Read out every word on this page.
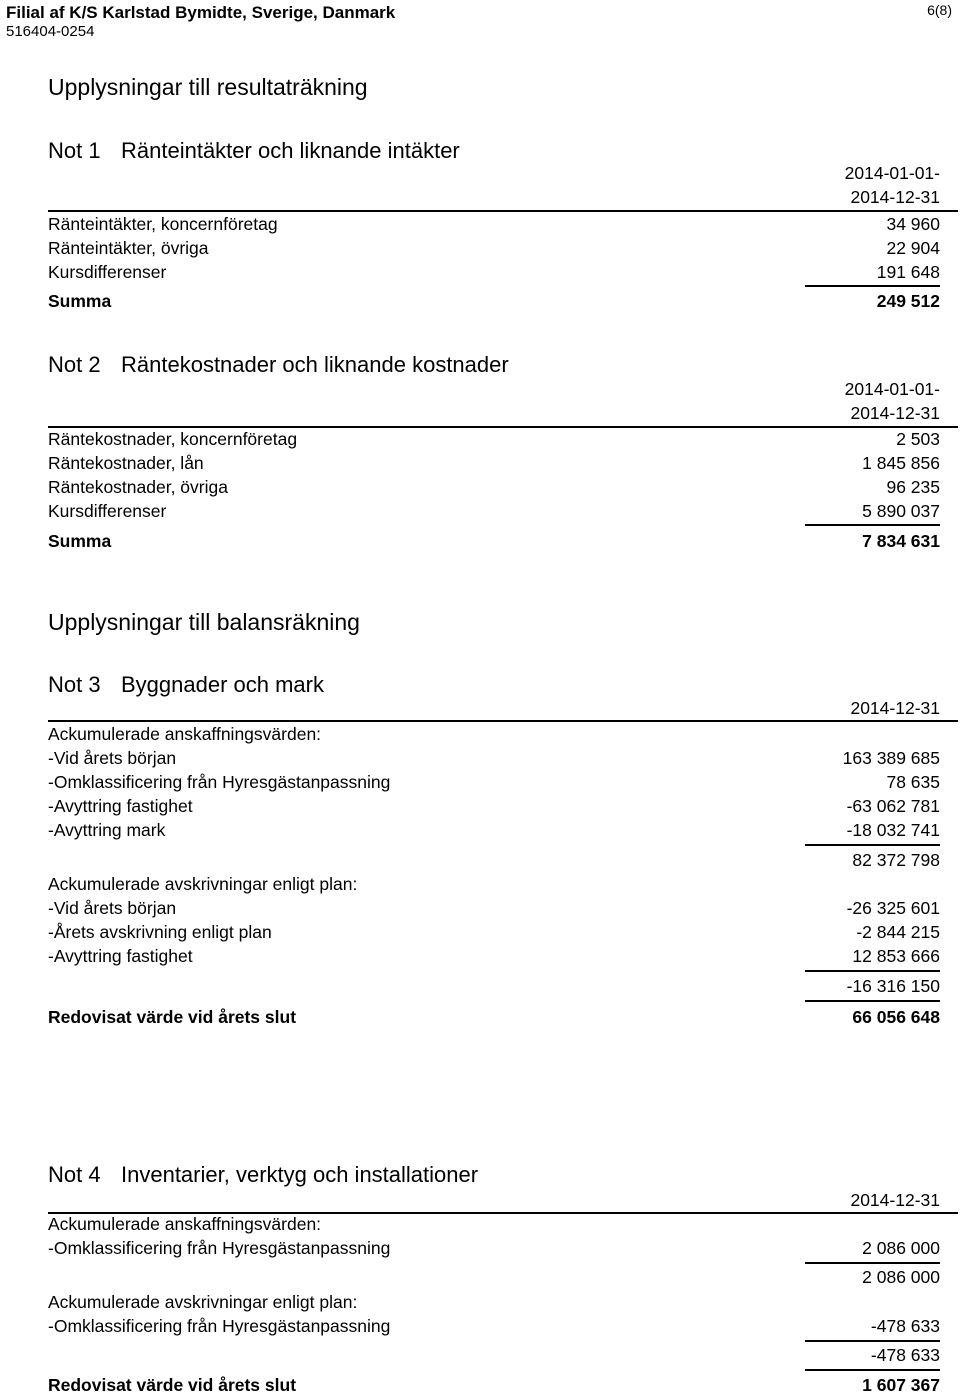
Filial af K/S Karlstad Bymidte, Sverige, Danmark
516404-0254
6(8)
Upplysningar till resultaträkning
Not 1 Ränteintäkter och liknande intäkter
2014-01-01-
2014-12-31
Ränteintäkter, koncernföretag	34 960
Ränteintäkter, övriga	22 904
Kursdifferenser	191 648
Summa	249 512
Not 2 Räntekostnader och liknande kostnader
2014-01-01-
2014-12-31
Räntekostnader, koncernföretag	2 503
Räntekostnader, lån	1 845 856
Räntekostnader, övriga	96 235
Kursdifferenser	5 890 037
Summa	7 834 631
Upplysningar till balansräkning
Not 3 Byggnader och mark
2014-12-31
Ackumulerade anskaffningsvärden:
-Vid årets början	163 389 685
-Omklassificering från Hyresgästanpassning	78 635
-Avyttring fastighet	-63 062 781
-Avyttring mark	-18 032 741
82 372 798
Ackumulerade avskrivningar enligt plan:
-Vid årets början	-26 325 601
-Årets avskrivning enligt plan	-2 844 215
-Avyttring fastighet	12 853 666
-16 316 150
Redovisat värde vid årets slut	66 056 648
Not 4 Inventarier, verktyg och installationer
2014-12-31
Ackumulerade anskaffningsvärden:
-Omklassificering från Hyresgästanpassning	2 086 000
2 086 000
Ackumulerade avskrivningar enligt plan:
-Omklassificering från Hyresgästanpassning	-478 633
-478 633
Redovisat värde vid årets slut	1 607 367
